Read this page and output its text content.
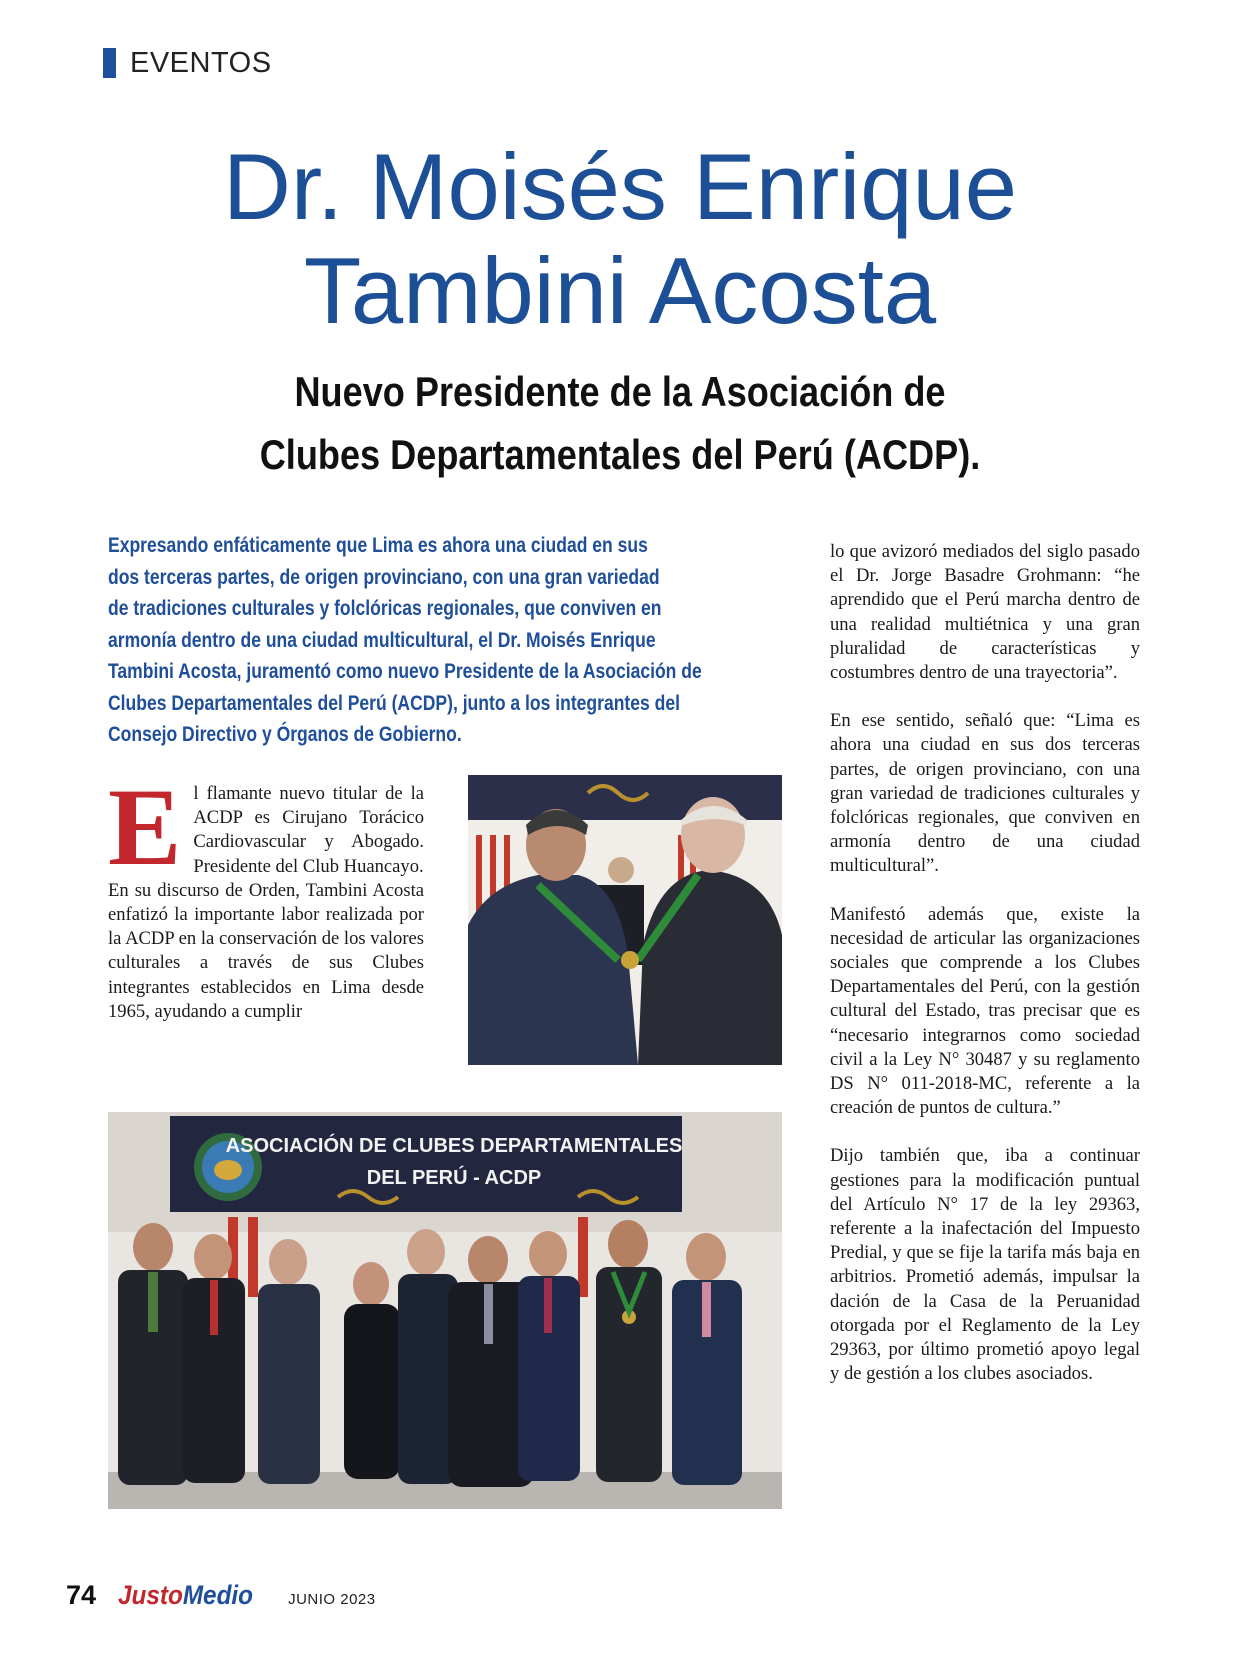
EVENTOS
Dr. Moisés Enrique
Tambini Acosta
Nuevo Presidente de la Asociación de
Clubes Departamentales del Perú (ACDP).
Expresando enfáticamente que Lima es ahora una ciudad en sus
dos terceras partes, de origen provinciano, con una gran variedad
de tradiciones culturales y folclóricas regionales, que conviven en
armonía dentro de una ciudad multicultural, el Dr. Moisés Enrique
Tambini Acosta, juramentó como nuevo Presidente de la Asociación de
Clubes Departamentales del Perú (ACDP), junto a los integrantes del
Consejo Directivo y Órganos de Gobierno.

E l flamante nuevo titular de la ACDP es Cirujano Torácico Cardiovascular y Abogado. Presidente del Club Huancayo.

En su discurso de Orden, Tambini Acosta enfatizó la importante labor realizada por la ACDP en la conservación de los valores culturales a través de sus Clubes integrantes establecidos en Lima desde 1965, ayudando a cumplir

lo que avizoró mediados del siglo pasado el Dr. Jorge Basadre Grohmann: “he aprendido que el Perú marcha dentro de una realidad multiétnica y una gran pluralidad de características y costumbres dentro de una trayectoria”.

En ese sentido, señaló que: “Lima es ahora una ciudad en sus dos terceras partes, de origen provinciano, con una gran variedad de tradiciones culturales y folclóricas regionales, que conviven en armonía dentro de una ciudad multicultural”.

Manifestó además que, existe la necesidad de articular las organizaciones sociales que comprende a los Clubes Departamentales del Perú, con la gestión cultural del Estado, tras precisar que es “necesario integrarnos como sociedad civil a la Ley N° 30487 y su reglamento DS N° 011-2018-MC, referente a la creación de puntos de cultura.”

Dijo también que, iba a continuar gestiones para la modificación puntual del Artículo N° 17 de la ley 29363, referente a la inafectación del Impuesto Predial, y que se fije la tarifa más baja en arbitrios. Prometió además, impulsar la dación de la Casa de la Peruanidad otorgada por el Reglamento de la Ley 29363, por último prometió apoyo legal y de gestión a los clubes asociados.

ASOCIACIÓN DE CLUBES DEPARTAMENTALES
DEL PERÚ - ACDP
74 JustoMedio JUNIO 2023
